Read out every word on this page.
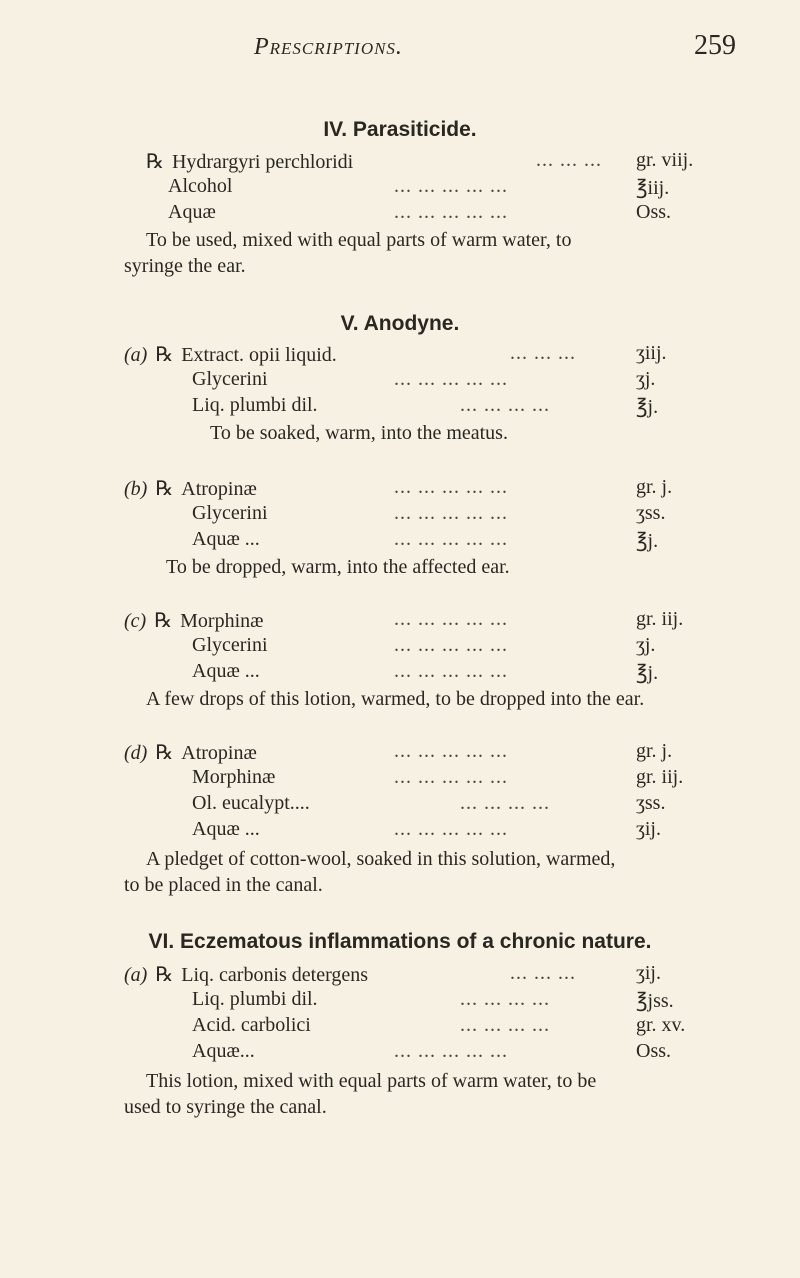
Prescriptions.	259
IV. Parasiticide.
℞ Hydrargyri perchloridi	... ... ... gr. viij.
Alcohol	... ... ... ... ...	℥iij.
Aquæ	... ... ... ... ...	Oss.
To be used, mixed with equal parts of warm water, to
syringe the ear.
V. Anodyne.
(a) ℞ Extract. opii liquid.	... ... ...	ʒiij.
Glycerini	... ... ... ... ...	ʒj.
Liq. plumbi dil.	... ... ... ...	℥j.
To be soaked, warm, into the meatus.
(b) ℞ Atropinæ	... ... ... ... ...	gr. j.
Glycerini	... ... ... ... ...	ʒss.
Aquæ ...	... ... ... ... ...	℥j.
To be dropped, warm, into the affected ear.
(c) ℞ Morphinæ	... ... ... ... ...	gr. iij.
Glycerini	... ... ... ... ...	ʒj.
Aquæ ...	... ... ... ... ...	℥j.
A few drops of this lotion, warmed, to be dropped into the ear.
(d) ℞ Atropinæ	... ... ... ... ...	gr. j.
Morphinæ	... ... ... ... ...	gr. iij.
Ol. eucalypt....	... ... ... ...	ʒss.
Aquæ ...	... ... ... ... ...	ʒij.
A pledget of cotton-wool, soaked in this solution, warmed,
to be placed in the canal.
VI. Eczematous inflammations of a chronic nature.
(a) ℞ Liq. carbonis detergens	... ... ...	ʒij.
Liq. plumbi dil.	... ... ... ...	℥jss.
Acid. carbolici	... ... ... ...	gr. xv.
Aquæ...	... ... ... ... ...	Oss.
This lotion, mixed with equal parts of warm water, to be
used to syringe the canal.
